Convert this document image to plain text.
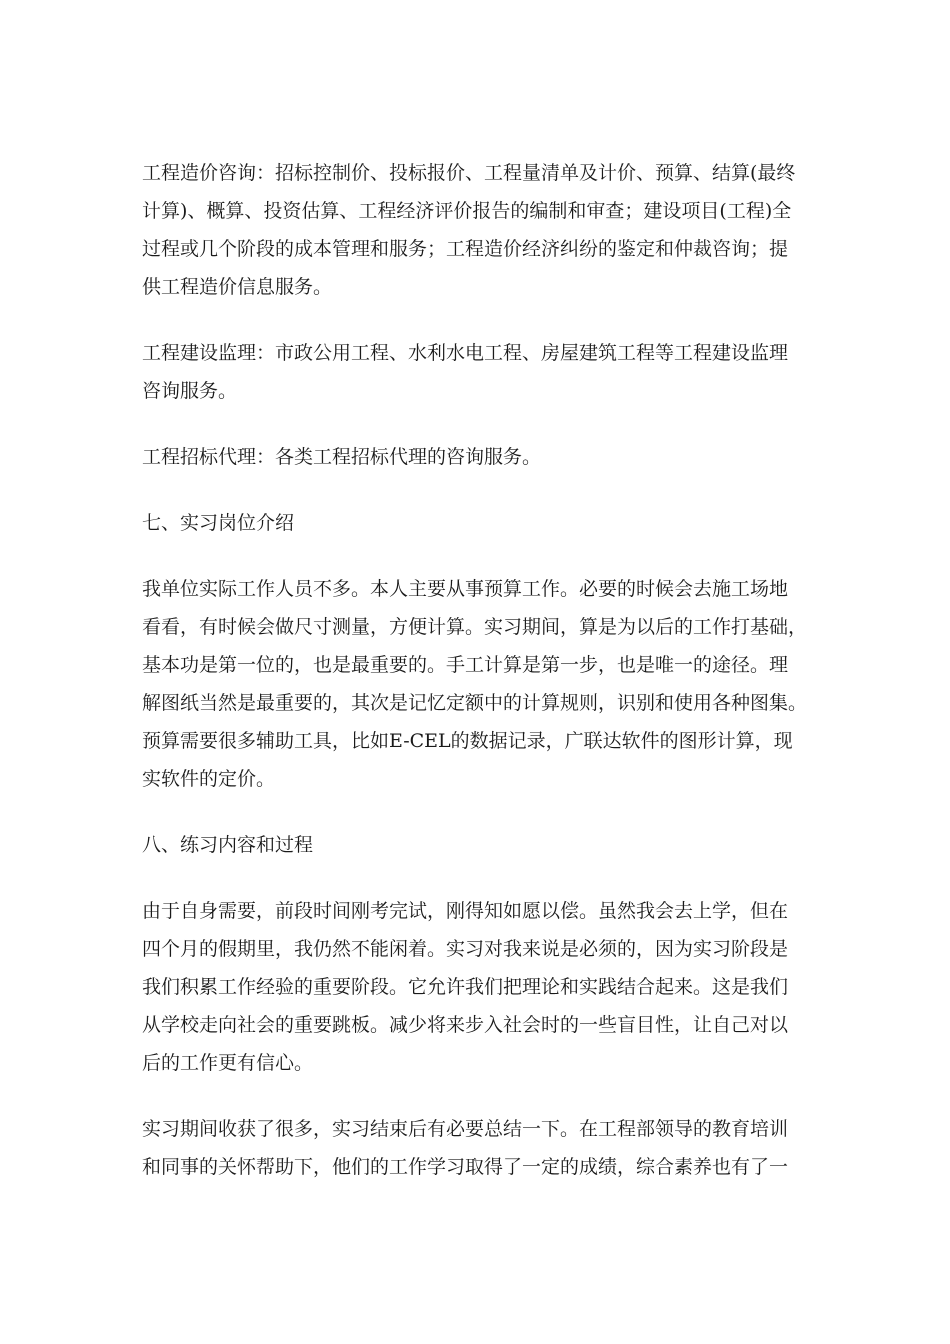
工程造价咨询：招标控制价、投标报价、工程量清单及计价、预算、结算(最终
计算)、概算、投资估算、工程经济评价报告的编制和审查；建设项目(工程)全
过程或几个阶段的成本管理和服务；工程造价经济纠纷的鉴定和仲裁咨询；提
供工程造价信息服务。

工程建设监理：市政公用工程、水利水电工程、房屋建筑工程等工程建设监理
咨询服务。

工程招标代理：各类工程招标代理的咨询服务。

七、实习岗位介绍

我单位实际工作人员不多。本人主要从事预算工作。必要的时候会去施工场地
看看，有时候会做尺寸测量，方便计算。实习期间，算是为以后的工作打基础，
基本功是第一位的，也是最重要的。手工计算是第一步，也是唯一的途径。理
解图纸当然是最重要的，其次是记忆定额中的计算规则，识别和使用各种图集。
预算需要很多辅助工具，比如E-CEL的数据记录，广联达软件的图形计算，现
实软件的定价。

八、练习内容和过程

由于自身需要，前段时间刚考完试，刚得知如愿以偿。虽然我会去上学，但在
四个月的假期里，我仍然不能闲着。实习对我来说是必须的，因为实习阶段是
我们积累工作经验的重要阶段。它允许我们把理论和实践结合起来。这是我们
从学校走向社会的重要跳板。减少将来步入社会时的一些盲目性，让自己对以
后的工作更有信心。

实习期间收获了很多，实习结束后有必要总结一下。在工程部领导的教育培训
和同事的关怀帮助下，他们的工作学习取得了一定的成绩，综合素养也有了一
